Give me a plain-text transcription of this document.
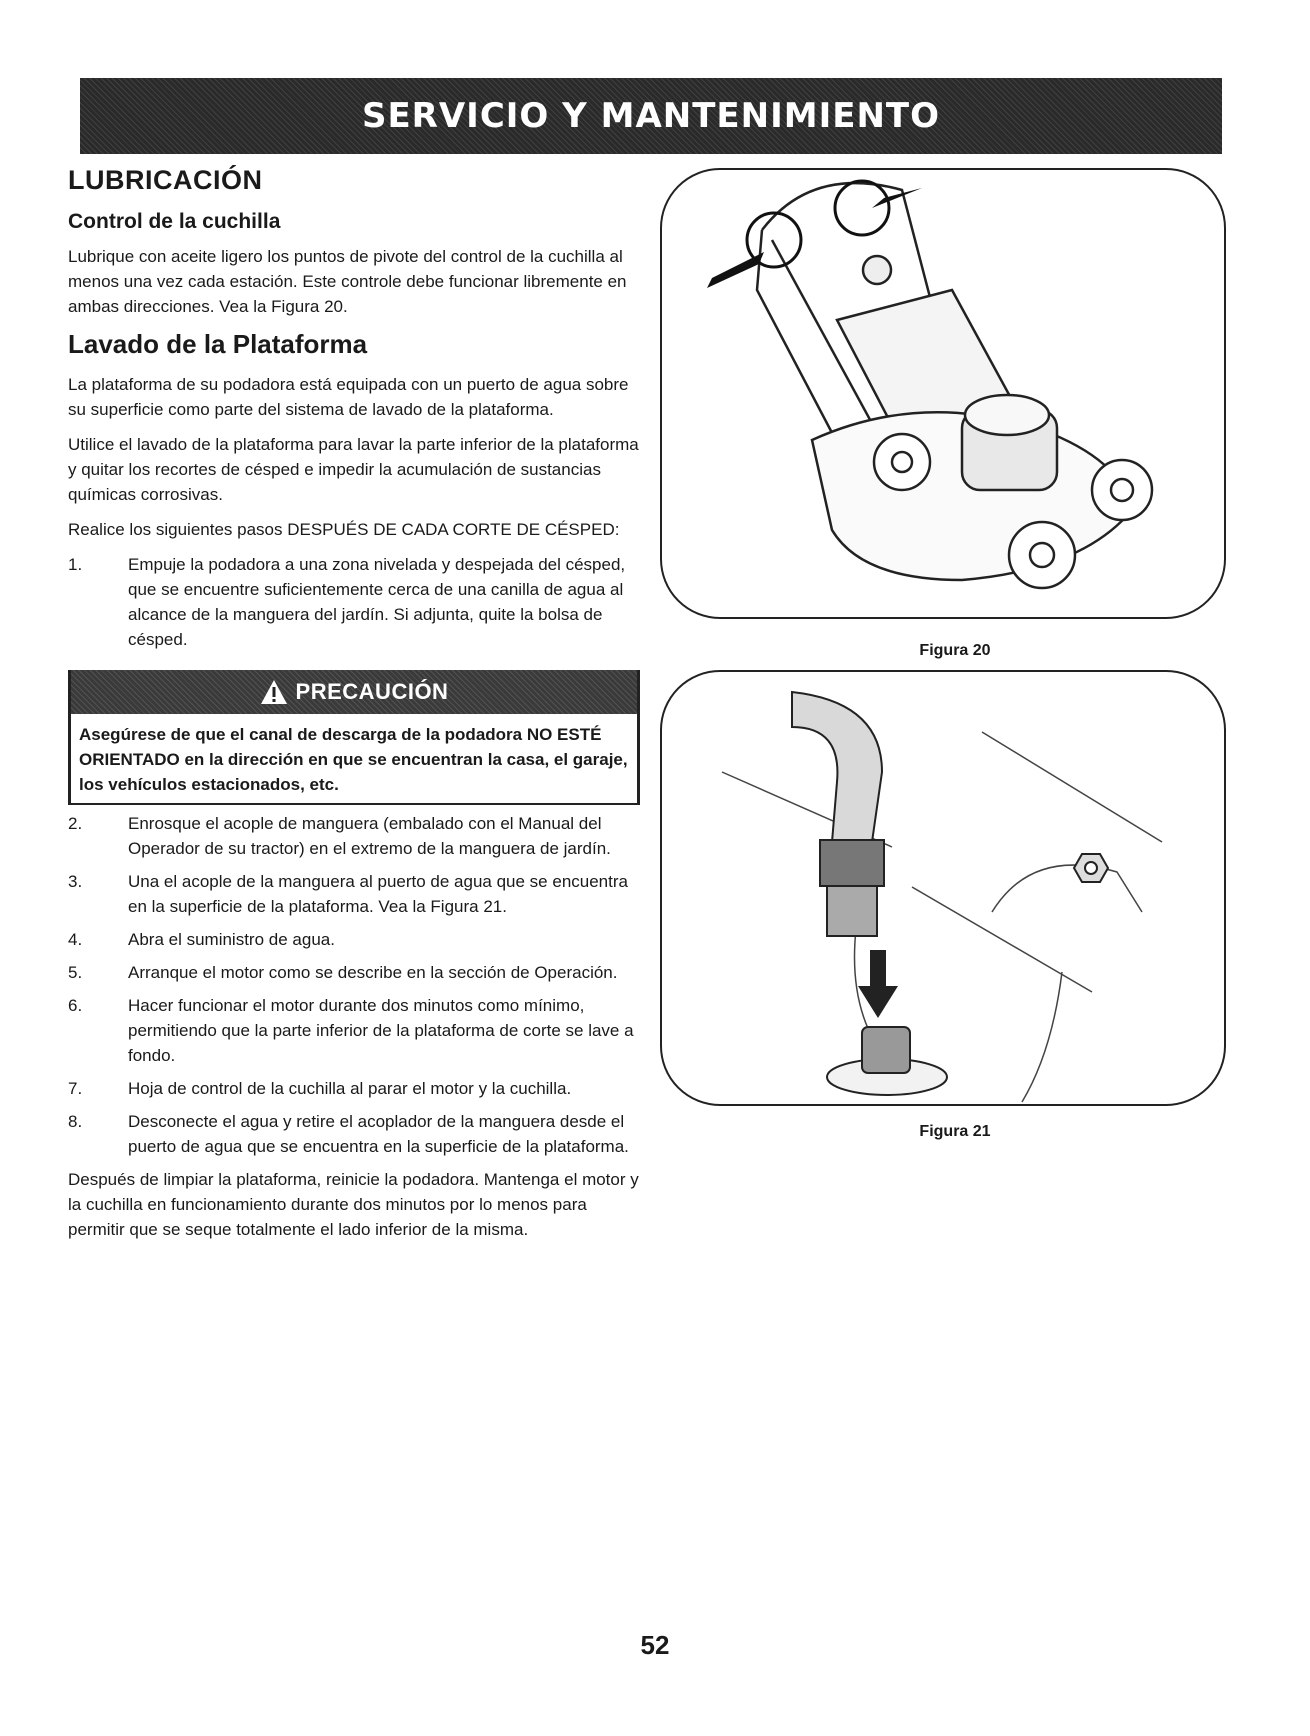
SERVICIO Y MANTENIMIENTO
LUBRICACIÓN
Control de la cuchilla

Lubrique con aceite ligero los puntos de pivote del control de la cuchilla al menos una vez cada estación. Este controle debe funcionar libremente en ambas direcciones. Vea la Figura 20.

Lavado de la Plataforma

La plataforma de su podadora está equipada con un puerto de agua sobre su superficie como parte del sistema de lavado de la plataforma.

Utilice el lavado de la plataforma para lavar la parte inferior de la plataforma y quitar los recortes de césped e impedir la acumulación de sustancias químicas corrosivas.

Realice los siguientes pasos DESPUÉS DE CADA CORTE DE CÉSPED:

1.	Empuje la podadora a una zona nivelada y despejada del césped, que se encuentre suficientemente cerca de una canilla de agua al alcance de la manguera del jardín. Si adjunta, quite la bolsa de césped.
PRECAUCIÓN
Asegúrese de que el canal de descarga de la podadora NO ESTÉ ORIENTADO en la dirección en que se encuentran la casa, el garaje, los vehículos estacionados, etc.
2.	Enrosque el acople de manguera (embalado con el Manual del Operador de su tractor) en el extremo de la manguera de jardín.
3.	Una el acople de la manguera al puerto de agua que se encuentra en la superficie de la plataforma. Vea la Figura 21.
4.	Abra el suministro de agua.
5.	Arranque el motor como se describe en la sección de Operación.
6.	Hacer funcionar el motor durante dos minutos como mínimo, permitiendo que la parte inferior de la plataforma de corte se lave a fondo.
7.	Hoja de control de la cuchilla al parar el motor y la cuchilla.
8.	Desconecte el agua y retire el acoplador de la manguera desde el puerto de agua que se encuentra en la superficie de la plataforma.

Después de limpiar la plataforma, reinicie la podadora. Mantenga el motor y la cuchilla en funcionamiento durante dos minutos por lo menos para permitir que se seque totalmente el lado inferior de la misma.

Figura 20
Figura 21
52
